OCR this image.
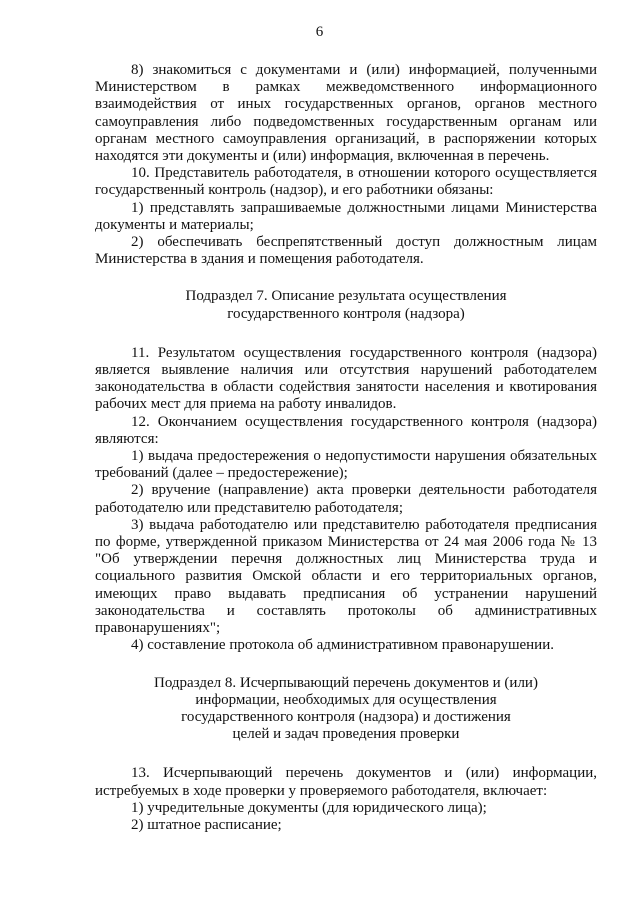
6

8) знакомиться с документами и (или) информацией, полученными Министерством в рамках межведомственного информационного взаимодействия от иных государственных органов, органов местного самоуправления либо подведомственных государственным органам или органам местного самоуправления организаций, в распоряжении которых находятся эти документы и (или) информация, включенная в перечень.

10. Представитель работодателя, в отношении которого осуществляется государственный контроль (надзор), и его работники обязаны:

1) представлять запрашиваемые должностными лицами Министерства документы и материалы;

2) обеспечивать беспрепятственный доступ должностным лицам Министерства в здания и помещения работодателя.

Подраздел 7. Описание результата осуществления
государственного контроля (надзора)

11. Результатом осуществления государственного контроля (надзора) является выявление наличия или отсутствия нарушений работодателем законодательства в области содействия занятости населения и квотирования рабочих мест для приема на работу инвалидов.

12. Окончанием осуществления государственного контроля (надзора) являются:

1) выдача предостережения о недопустимости нарушения обязательных требований (далее – предостережение);

2) вручение (направление) акта проверки деятельности работодателя работодателю или представителю работодателя;

3) выдача работодателю или представителю работодателя предписания по форме, утвержденной приказом Министерства от 24 мая 2006 года № 13 "Об утверждении перечня должностных лиц Министерства труда и социального развития Омской области и его территориальных органов, имеющих право выдавать предписания об устранении нарушений законодательства и составлять протоколы об административных правонарушениях";

4) составление протокола об административном правонарушении.

Подраздел 8. Исчерпывающий перечень документов и (или)
информации, необходимых для осуществления
государственного контроля (надзора) и достижения
целей и задач проведения проверки

13. Исчерпывающий перечень документов и (или) информации, истребуемых в ходе проверки у проверяемого работодателя, включает:

1) учредительные документы (для юридического лица);

2) штатное расписание;
